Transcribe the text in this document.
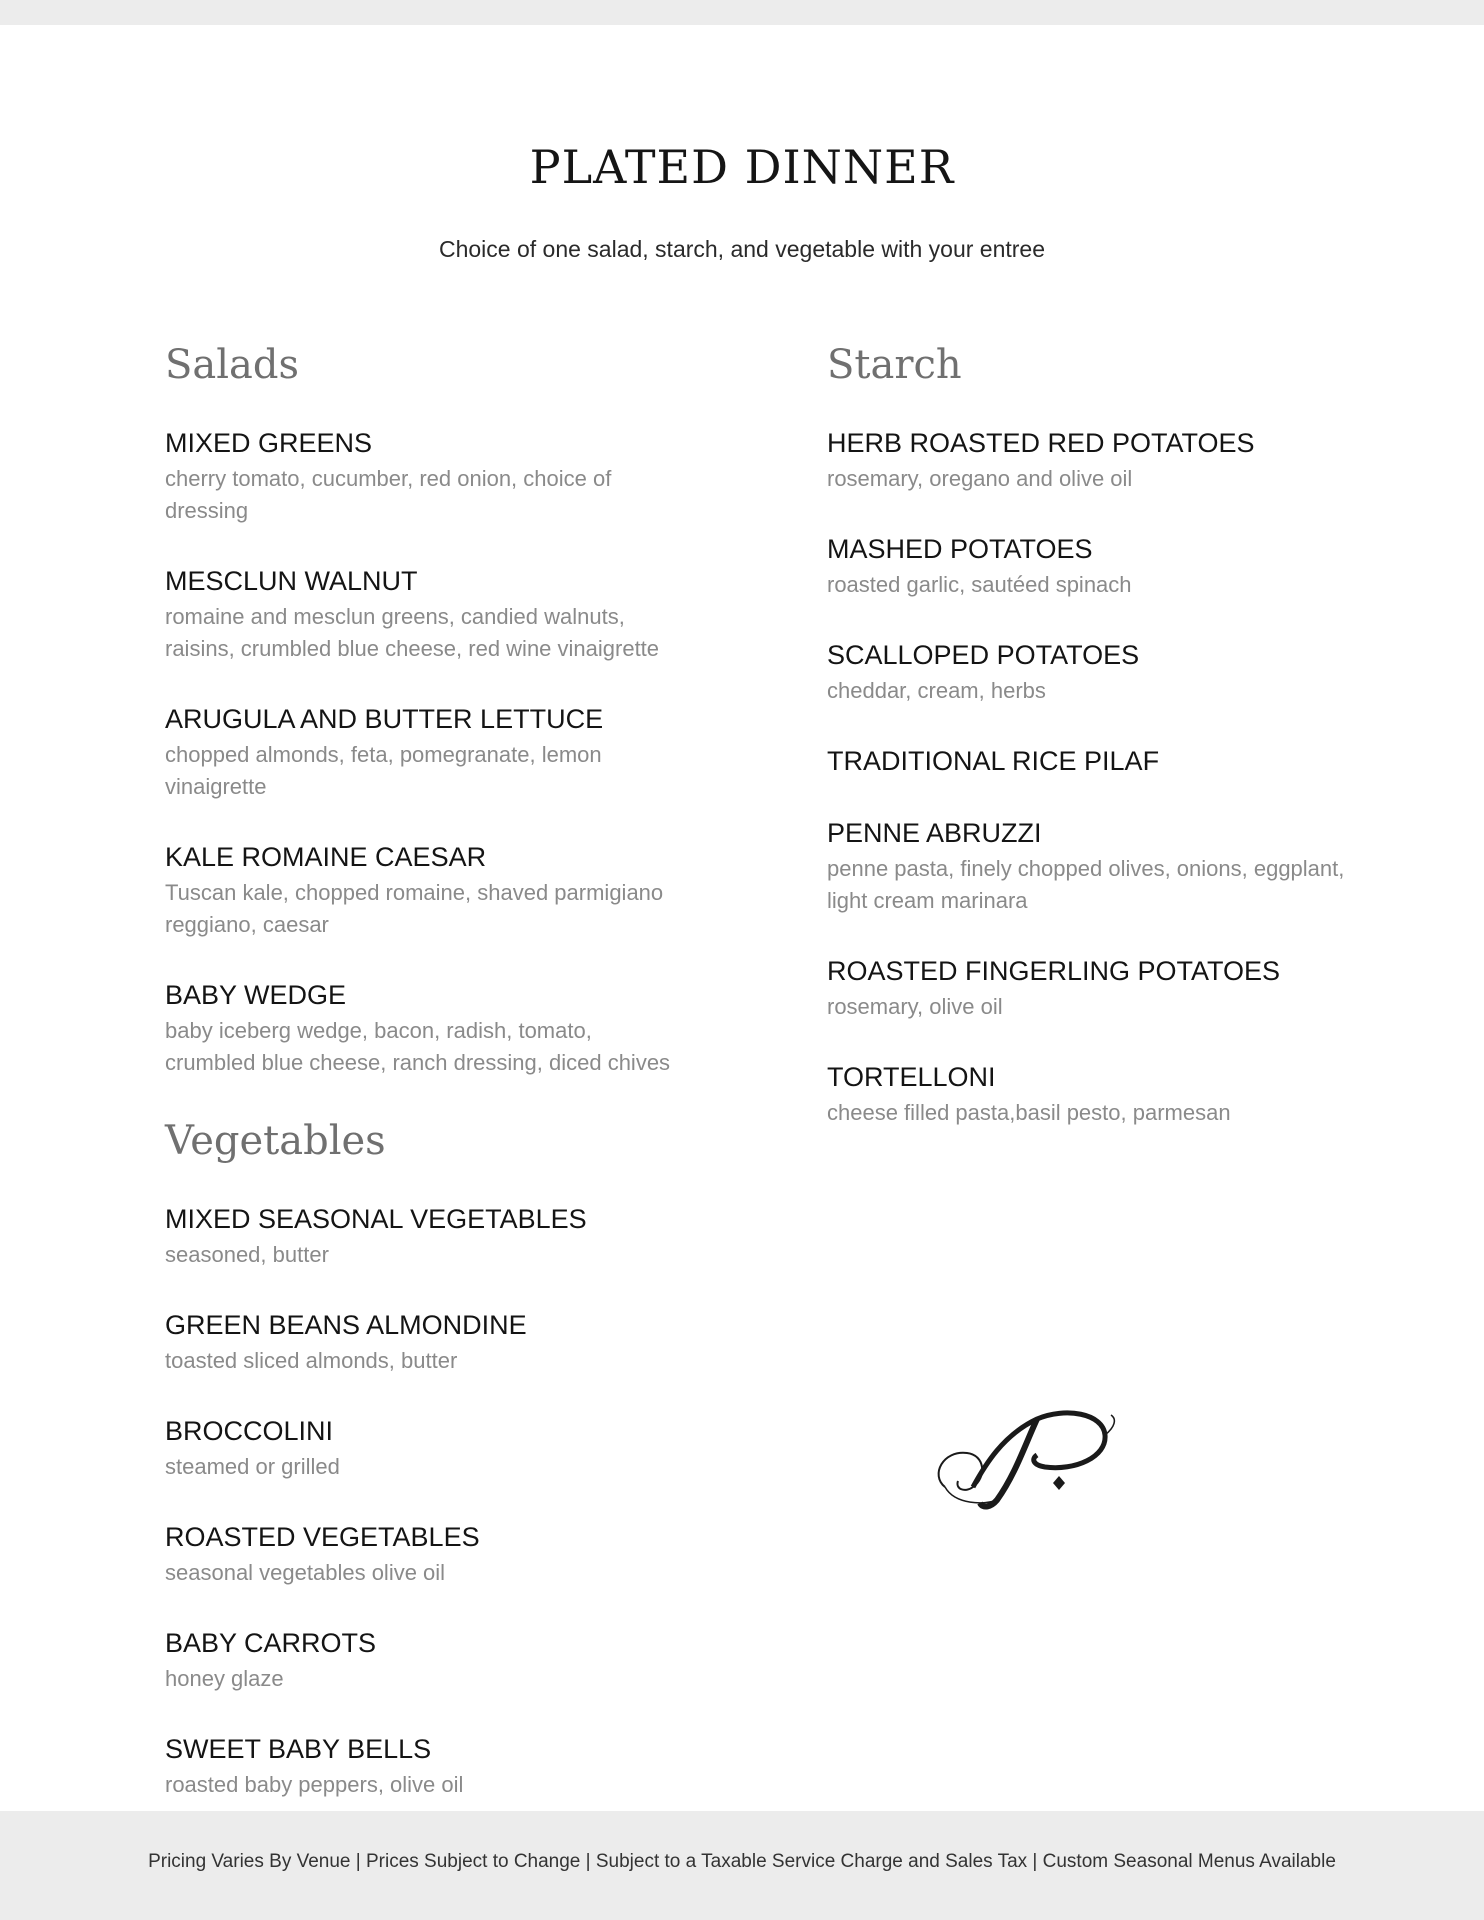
PLATED DINNER
Choice of one salad, starch, and vegetable with your entree
Salads
MIXED GREENS
cherry tomato, cucumber, red onion, choice of dressing
MESCLUN WALNUT
romaine and mesclun greens, candied walnuts, raisins, crumbled blue cheese, red wine vinaigrette
ARUGULA AND BUTTER LETTUCE
chopped almonds, feta, pomegranate, lemon vinaigrette
KALE ROMAINE CAESAR
Tuscan kale, chopped romaine, shaved parmigiano reggiano, caesar
BABY WEDGE
baby iceberg wedge, bacon, radish, tomato, crumbled blue cheese, ranch dressing, diced chives
Vegetables
MIXED SEASONAL VEGETABLES
seasoned, butter
GREEN BEANS ALMONDINE
toasted sliced almonds, butter
BROCCOLINI
steamed or grilled
ROASTED VEGETABLES
seasonal vegetables olive oil
BABY CARROTS
honey glaze
SWEET BABY BELLS
roasted baby peppers, olive oil
Starch
HERB ROASTED RED POTATOES
rosemary, oregano and olive oil
MASHED POTATOES
roasted garlic, sautéed spinach
SCALLOPED POTATOES
cheddar, cream, herbs
TRADITIONAL RICE PILAF
PENNE ABRUZZI
penne pasta, finely chopped olives, onions, eggplant, light cream marinara
ROASTED FINGERLING POTATOES
rosemary, olive oil
TORTELLONI
cheese filled pasta,basil pesto, parmesan
Pricing Varies By Venue | Prices Subject to Change | Subject to a Taxable Service Charge and Sales Tax | Custom Seasonal Menus Available
